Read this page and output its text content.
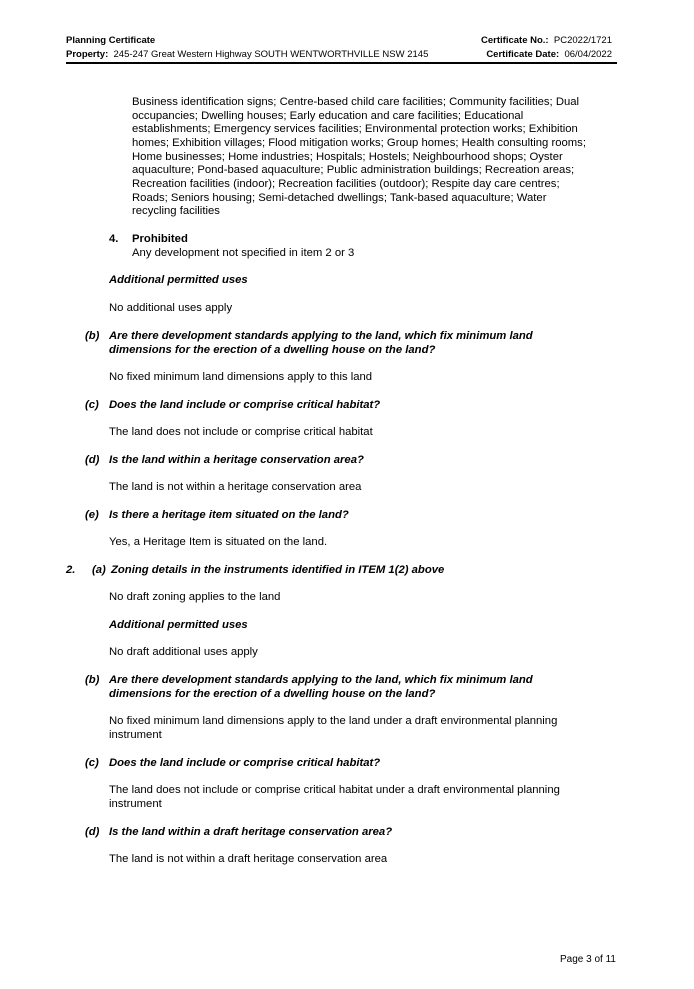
Planning Certificate
Property: 245-247 Great Western Highway SOUTH WENTWORTHVILLE NSW 2145
Certificate No.: PC2022/1721
Certificate Date: 06/04/2022
Business identification signs; Centre-based child care facilities; Community facilities; Dual
occupancies; Dwelling houses; Early education and care facilities; Educational
establishments; Emergency services facilities; Environmental protection works; Exhibition
homes; Exhibition villages; Flood mitigation works; Group homes; Health consulting rooms;
Home businesses; Home industries; Hospitals; Hostels; Neighbourhood shops; Oyster
aquaculture; Pond-based aquaculture; Public administration buildings; Recreation areas;
Recreation facilities (indoor); Recreation facilities (outdoor); Respite day care centres;
Roads; Seniors housing; Semi-detached dwellings; Tank-based aquaculture; Water
recycling facilities
4. Prohibited
Any development not specified in item 2 or 3
Additional permitted uses
No additional uses apply
(b) Are there development standards applying to the land, which fix minimum land
dimensions for the erection of a dwelling house on the land?
No fixed minimum land dimensions apply to this land
(c) Does the land include or comprise critical habitat?
The land does not include or comprise critical habitat
(d) Is the land within a heritage conservation area?
The land is not within a heritage conservation area
(e) Is there a heritage item situated on the land?
Yes, a Heritage Item is situated on the land.
2. (a) Zoning details in the instruments identified in ITEM 1(2) above
No draft zoning applies to the land
Additional permitted uses
No draft additional uses apply
(b) Are there development standards applying to the land, which fix minimum land
dimensions for the erection of a dwelling house on the land?
No fixed minimum land dimensions apply to the land under a draft environmental planning
instrument
(c) Does the land include or comprise critical habitat?
The land does not include or comprise critical habitat under a draft environmental planning
instrument
(d) Is the land within a draft heritage conservation area?
The land is not within a draft heritage conservation area
Page 3 of 11
